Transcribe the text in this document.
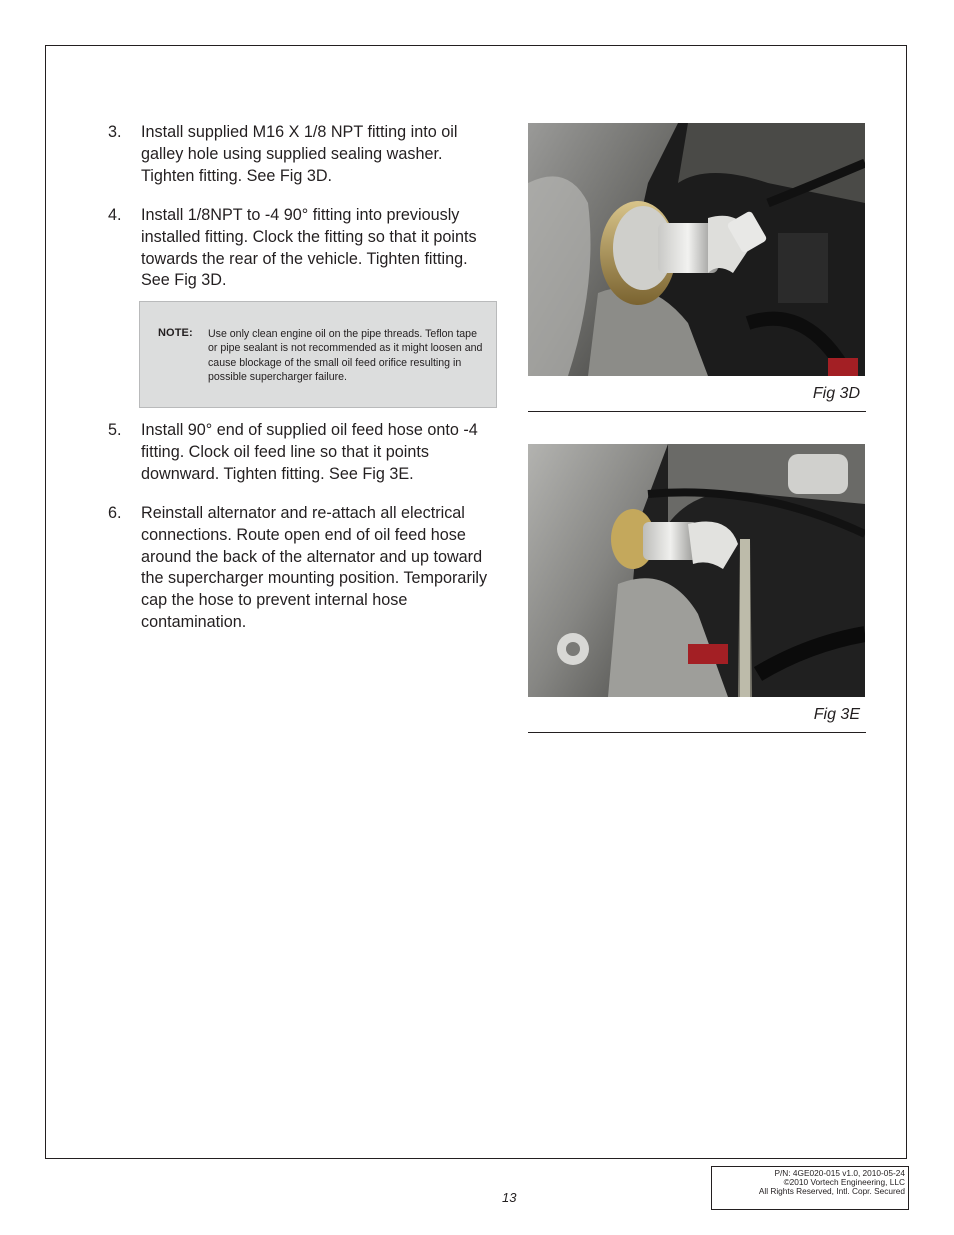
3. Install supplied M16 X 1/8 NPT fitting into oil galley hole using supplied sealing washer. Tighten fitting. See Fig 3D.
4. Install 1/8NPT to -4 90° fitting into previously installed fitting. Clock the fitting so that it points towards the rear of the vehicle. Tighten fitting. See Fig 3D.
NOTE: Use only clean engine oil on the pipe threads. Teflon tape or pipe sealant is not recommended as it might loosen and cause blockage of the small oil feed orifice resulting in possible supercharger failure.
5. Install 90° end of supplied oil feed hose onto -4 fitting. Clock oil feed line so that it points downward. Tighten fitting. See Fig 3E.
6. Reinstall alternator and re-attach all electrical connections. Route open end of oil feed hose around the back of the alternator and up toward the supercharger mounting position. Temporarily cap the hose to prevent internal hose contamination.
Fig 3D
Fig 3E
13
P/N: 4GE020-015 v1.0, 2010-05-24
©2010 Vortech Engineering, LLC
All Rights Reserved, Intl. Copr. Secured
